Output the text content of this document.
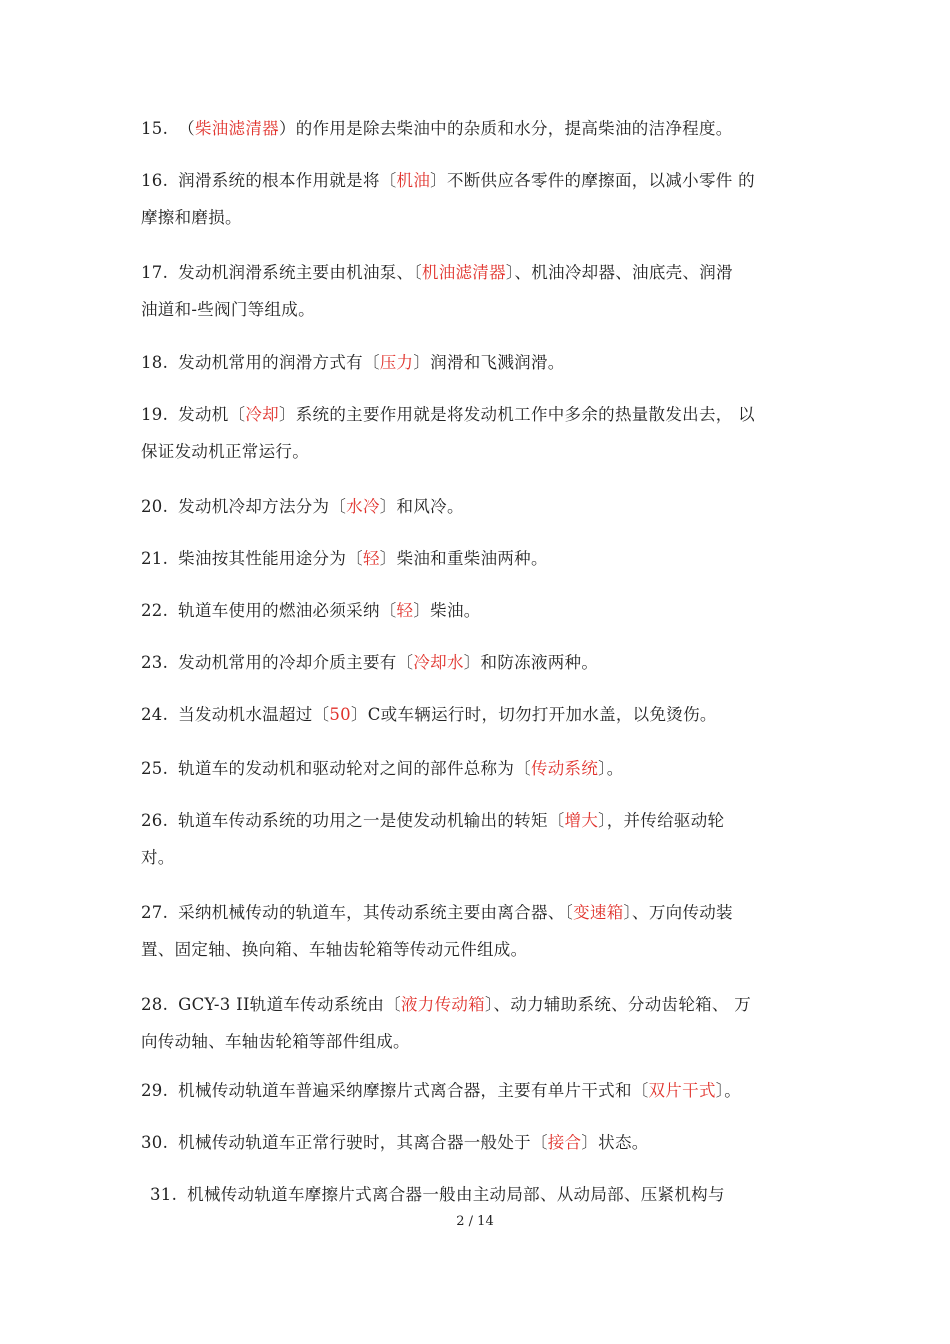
15. （柴油滤清器）的作用是除去柴油中的杂质和水分，提高柴油的洁净程度。
16. 润滑系统的根本作用就是将〔机油〕不断供应各零件的摩擦面，以减小零件 的
摩擦和磨损。
17. 发动机润滑系统主要由机油泵、〔机油滤清器〕、机油冷却器、油底壳、润滑
油道和-些阀门等组成。
18. 发动机常用的润滑方式有〔压力〕润滑和飞溅润滑。
19. 发动机〔冷却〕系统的主要作用就是将发动机工作中多余的热量散发出去， 以
保证发动机正常运行。
20. 发动机冷却方法分为〔水冷〕和风冷。
21. 柴油按其性能用途分为〔轻〕柴油和重柴油两种。
22. 轨道车使用的燃油必须采纳〔轻〕柴油。
23. 发动机常用的冷却介质主要有〔冷却水〕和防冻液两种。
24. 当发动机水温超过〔50〕C或车辆运行时，切勿打开加水盖，以免烫伤。
25. 轨道车的发动机和驱动轮对之间的部件总称为〔传动系统〕。
26. 轨道车传动系统的功用之一是使发动机输出的转矩〔增大〕，并传给驱动轮
对。
27. 采纳机械传动的轨道车，其传动系统主要由离合器、〔变速箱〕、万向传动装
置、固定轴、换向箱、车轴齿轮箱等传动元件组成。
28. GCY-3 II轨道车传动系统由〔液力传动箱〕、动力辅助系统、分动齿轮箱、 万
向传动轴、车轴齿轮箱等部件组成。
29. 机械传动轨道车普遍采纳摩擦片式离合器，主要有单片干式和〔双片干式〕。
30. 机械传动轨道车正常行驶时，其离合器一般处于〔接合〕状态。
31. 机械传动轨道车摩擦片式离合器一般由主动局部、从动局部、压紧机构与
2 / 14
